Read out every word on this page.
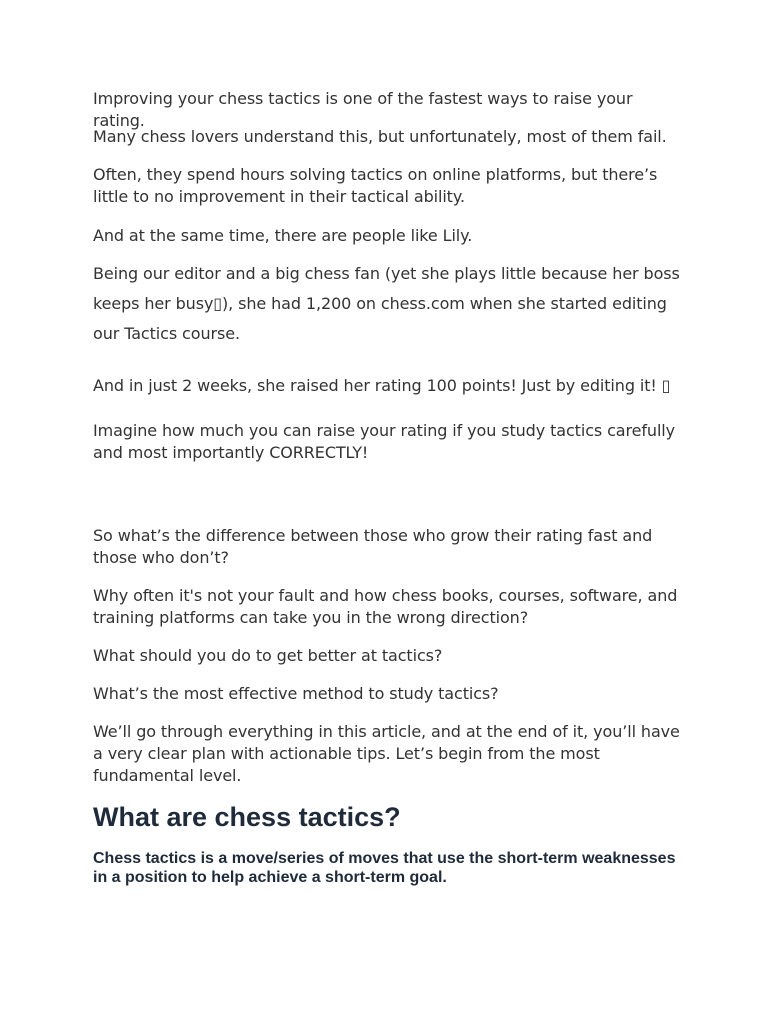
Improving your chess tactics is one of the fastest ways to raise your rating.

Many chess lovers understand this, but unfortunately, most of them fail.

Often, they spend hours solving tactics on online platforms, but there’s little to no improvement in their tactical ability.

And at the same time, there are people like Lily.

Being our editor and a big chess fan (yet she plays little because her boss keeps her busy▯), she had 1,200 on chess.com when she started editing our Tactics course.

And in just 2 weeks, she raised her rating 100 points! Just by editing it! ▯

Imagine how much you can raise your rating if you study tactics carefully and most importantly CORRECTLY!

So what’s the difference between those who grow their rating fast and those who don’t?

Why often it's not your fault and how chess books, courses, software, and training platforms can take you in the wrong direction?

What should you do to get better at tactics?

What’s the most effective method to study tactics?

We’ll go through everything in this article, and at the end of it, you’ll have a very clear plan with actionable tips. Let’s begin from the most fundamental level.

What are chess tactics?

Chess tactics is a move/series of moves that use the short-term weaknesses in a position to help achieve a short-term goal.
